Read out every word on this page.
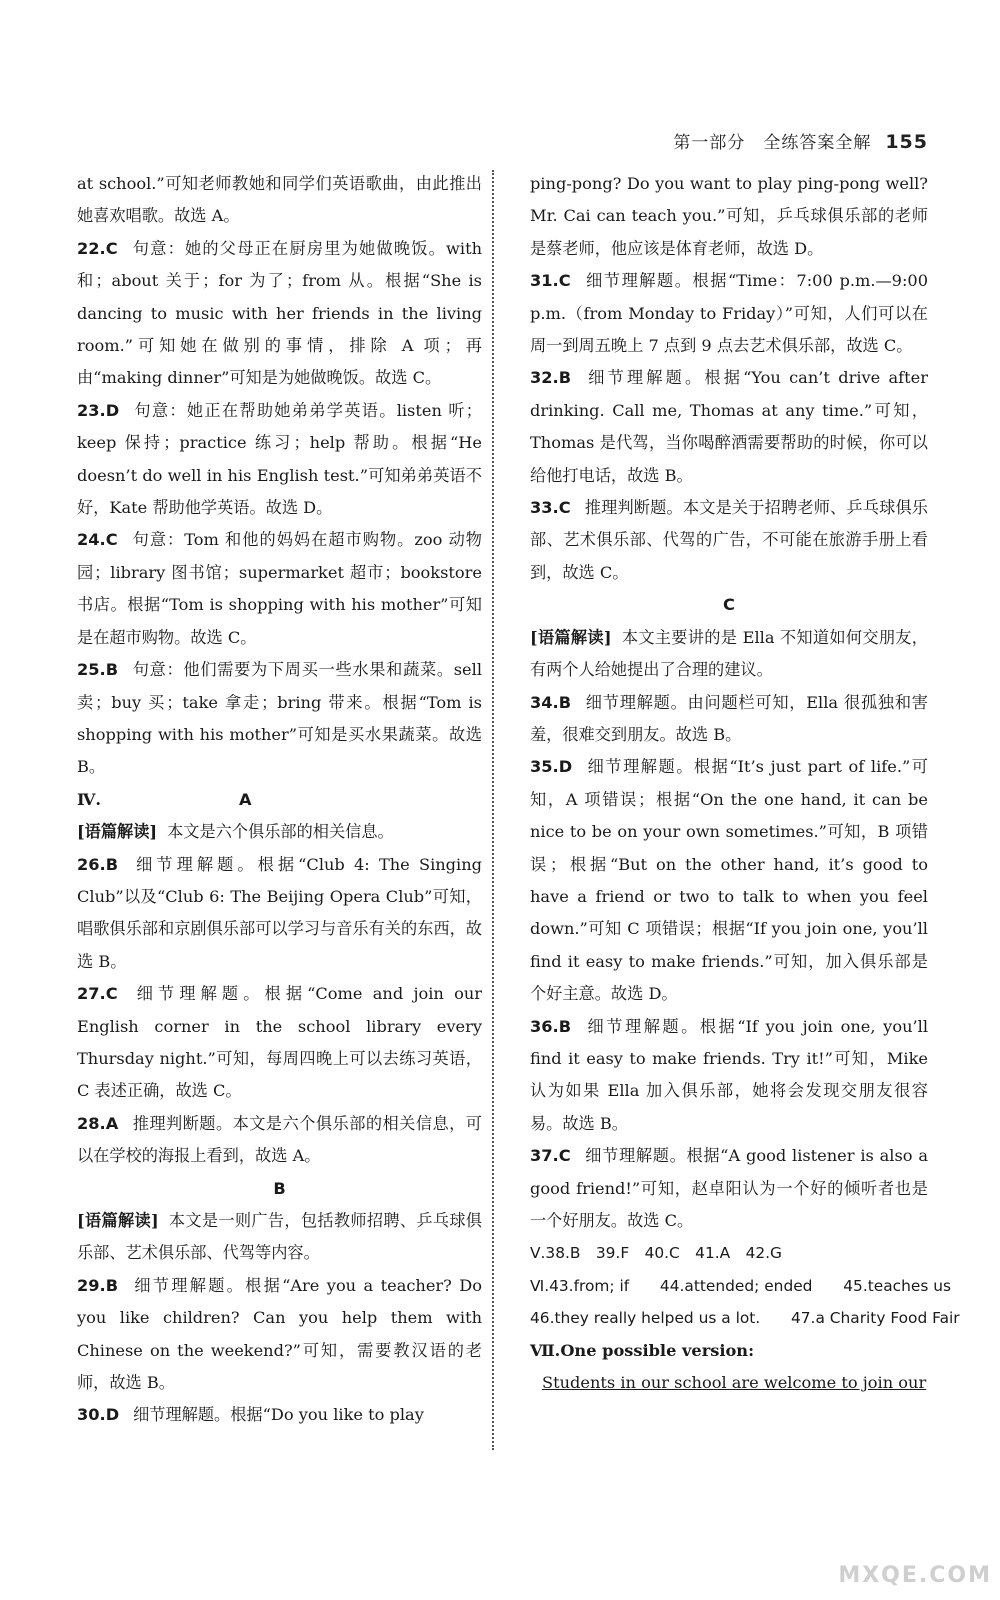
第一部分　全练答案全解 155

at school.”可知老师教她和同学们英语歌曲，由此推出她喜欢唱歌。故选 A。

22.C 句意：她的父母正在厨房里为她做晚饭。with 和；about 关于；for 为了；from 从。根据“She is dancing to music with her friends in the living room.”可知她在做别的事情，排除 A 项；再由“making dinner”可知是为她做晚饭。故选 C。

23.D 句意：她正在帮助她弟弟学英语。listen 听；keep 保持；practice 练习；help 帮助。根据“He doesn’t do well in his English test.”可知弟弟英语不好，Kate 帮助他学英语。故选 D。

24.C 句意：Tom 和他的妈妈在超市购物。zoo 动物园；library 图书馆；supermarket 超市；bookstore 书店。根据“Tom is shopping with his mother”可知是在超市购物。故选 C。

25.B 句意：他们需要为下周买一些水果和蔬菜。sell 卖；buy 买；take 拿走；bring 带来。根据“Tom is shopping with his mother”可知是买水果蔬菜。故选 B。

Ⅳ.	A

[语篇解读] 本文是六个俱乐部的相关信息。

26.B 细节理解题。根据“Club 4: The Singing Club”以及“Club 6: The Beijing Opera Club”可知，唱歌俱乐部和京剧俱乐部可以学习与音乐有关的东西，故选 B。

27.C 细节理解题。根据“Come and join our English corner in the school library every Thursday night.”可知，每周四晚上可以去练习英语，C 表述正确，故选 C。

28.A 推理判断题。本文是六个俱乐部的相关信息，可以在学校的海报上看到，故选 A。

B

[语篇解读] 本文是一则广告，包括教师招聘、乒乓球俱乐部、艺术俱乐部、代驾等内容。

29.B 细节理解题。根据“Are you a teacher? Do you like children? Can you help them with Chinese on the weekend?”可知，需要教汉语的老师，故选 B。

30.D 细节理解题。根据“Do you like to play

ping-pong? Do you want to play ping-pong well? Mr. Cai can teach you.”可知，乒乓球俱乐部的老师是蔡老师，他应该是体育老师，故选 D。

31.C 细节理解题。根据“Time：7:00 p.m.—9:00 p.m.（from Monday to Friday）”可知，人们可以在周一到周五晚上 7 点到 9 点去艺术俱乐部，故选 C。

32.B 细节理解题。根据“You can’t drive after drinking. Call me, Thomas at any time.”可知，Thomas 是代驾，当你喝醉酒需要帮助的时候，你可以给他打电话，故选 B。

33.C 推理判断题。本文是关于招聘老师、乒乓球俱乐部、艺术俱乐部、代驾的广告，不可能在旅游手册上看到，故选 C。

C

[语篇解读] 本文主要讲的是 Ella 不知道如何交朋友，有两个人给她提出了合理的建议。

34.B 细节理解题。由问题栏可知，Ella 很孤独和害羞，很难交到朋友。故选 B。

35.D 细节理解题。根据“It’s just part of life.”可知，A 项错误；根据“On the one hand, it can be nice to be on your own sometimes.”可知，B 项错误；根据“But on the other hand, it’s good to have a friend or two to talk to when you feel down.”可知 C 项错误；根据“If you join one, you’ll find it easy to make friends.”可知，加入俱乐部是个好主意。故选 D。

36.B 细节理解题。根据“If you join one, you’ll find it easy to make friends. Try it!”可知，Mike 认为如果 Ella 加入俱乐部，她将会发现交朋友很容易。故选 B。

37.C 细节理解题。根据“A good listener is also a good friend!”可知，赵卓阳认为一个好的倾听者也是一个好朋友。故选 C。

Ⅴ.38.B　39.F　40.C　41.A　42.G

Ⅵ.43.from; if　　44.attended; ended　　45.teaches us

46.they really helped us a lot.　　47.a Charity Food Fair

Ⅶ.One possible version:

Students in our school are welcome to join our

MXQE.COM
